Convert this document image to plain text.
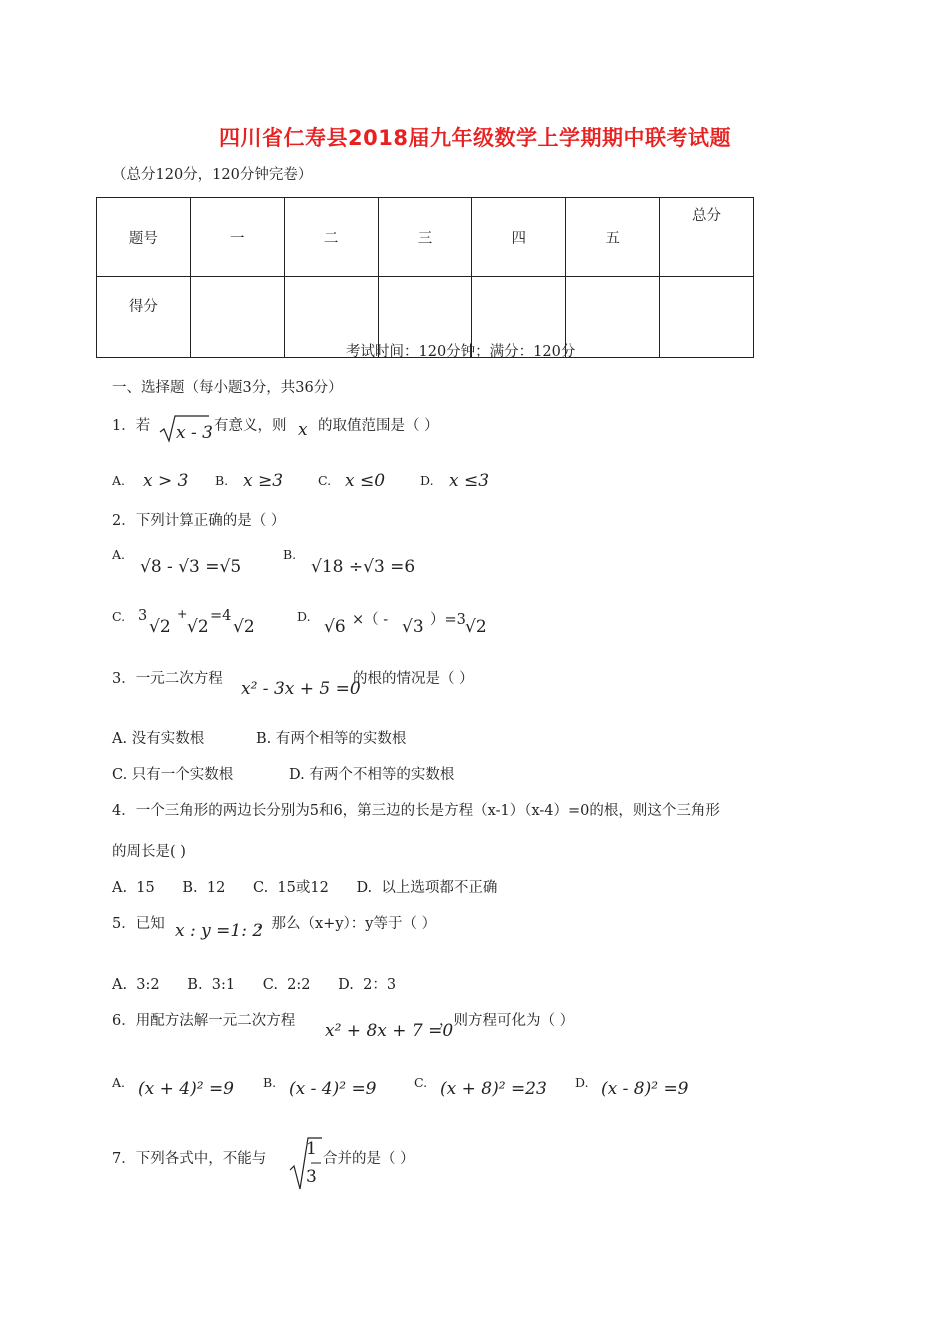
四川省仁寿县2018届九年级数学上学期期中联考试题
（总分120分，120分钟完卷）
题号	一	二	三	四	五	总分
得分						
考试时间：120分钟；满分：120分
一、选择题（每小题3分，共36分）
1．若 x - 3 有意义，则 x 的取值范围是（ ）
A. x > 3 B. x ≥3	C. x ≤0	D. x ≤3
2．下列计算正确的是（ ）
A.
√8 - √3 =√5
B.
√18 ÷√3 =6
C. 3
√2
+
√2
=4
√2
D.
√6 ×（ - √3 ）=3 √2
3．一元二次方程 x² - 3x + 5 =0
的根的情况是（ ）
A. 没有实数根	B. 有两个相等的实数根
C. 只有一个实数根	D. 有两个不相等的实数根
4．一个三角形的两边长分别为5和6，第三边的长是方程（x-1）（x-4）=0的根，则这个三角形
的周长是( )
A.  15      B.  12      C.  15或12      D.  以上选项都不正确
5．已知 x : y =1: 2
，那么（x+y）：y等于（ ）
A.  3:2      B.  3:1      C.  2:2      D.  2：3
6．用配方法解一元二次方程 x² + 8x + 7 =0
，则方程可化为（ ）
A. (x + 4)² =9 B. (x - 4)² =9	C. (x + 8)² =23 D. (x - 8)² =9
7．下列各式中，不能与 1
3
合并的是（ ）
